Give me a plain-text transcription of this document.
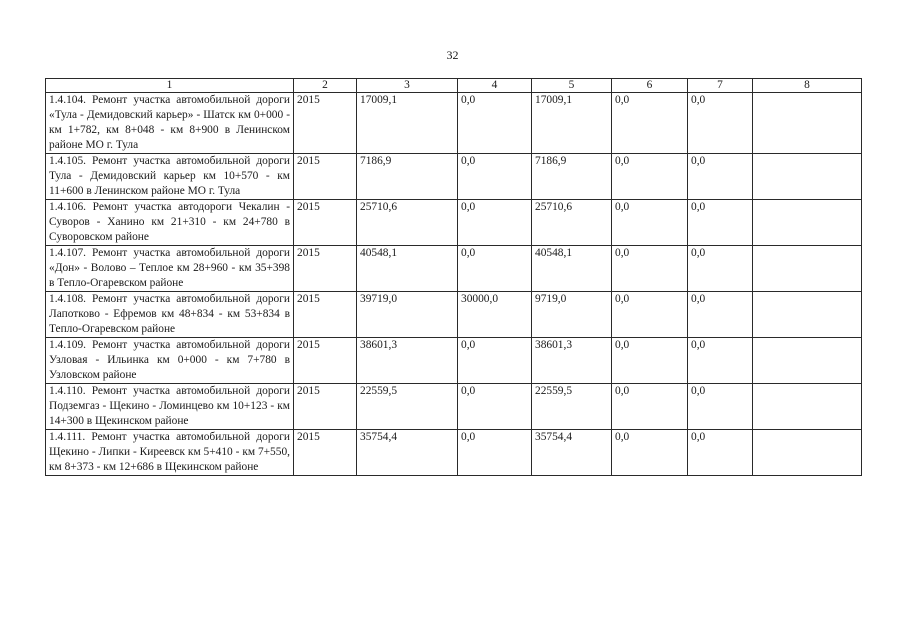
32
1	2	3	4	5	6	7	8
1.4.104. Ремонт участка автомобильной дороги «Тула - Демидовский карьер» - Шатск км 0+000 - км 1+782, км 8+048 - км 8+900 в Ленинском районе МО г. Тула	2015	17009,1	0,0	17009,1	0,0	0,0	
1.4.105. Ремонт участка автомобильной дороги Тула - Демидовский карьер км 10+570 - км 11+600 в Ленинском районе МО г. Тула	2015	7186,9	0,0	7186,9	0,0	0,0	
1.4.106. Ремонт участка автодороги Чекалин - Суворов - Ханино км 21+310 - км 24+780 в Суворовском районе	2015	25710,6	0,0	25710,6	0,0	0,0	
1.4.107. Ремонт участка автомобильной дороги «Дон» - Волово – Теплое км 28+960 - км 35+398 в Тепло-Огаревском районе	2015	40548,1	0,0	40548,1	0,0	0,0	
1.4.108. Ремонт участка автомобильной дороги Лапотково - Ефремов км 48+834 - км 53+834 в Тепло-Огаревском районе	2015	39719,0	30000,0	9719,0	0,0	0,0	
1.4.109. Ремонт участка автомобильной дороги Узловая - Ильинка км 0+000 - км 7+780 в Узловском районе	2015	38601,3	0,0	38601,3	0,0	0,0	
1.4.110. Ремонт участка автомобильной дороги Подземгаз - Щекино - Ломинцево км 10+123 - км 14+300 в Щекинском районе	2015	22559,5	0,0	22559,5	0,0	0,0	
1.4.111. Ремонт участка автомобильной дороги Щекино - Липки - Киреевск км 5+410 - км 7+550, км 8+373 - км 12+686 в Щекинском районе	2015	35754,4	0,0	35754,4	0,0	0,0	
